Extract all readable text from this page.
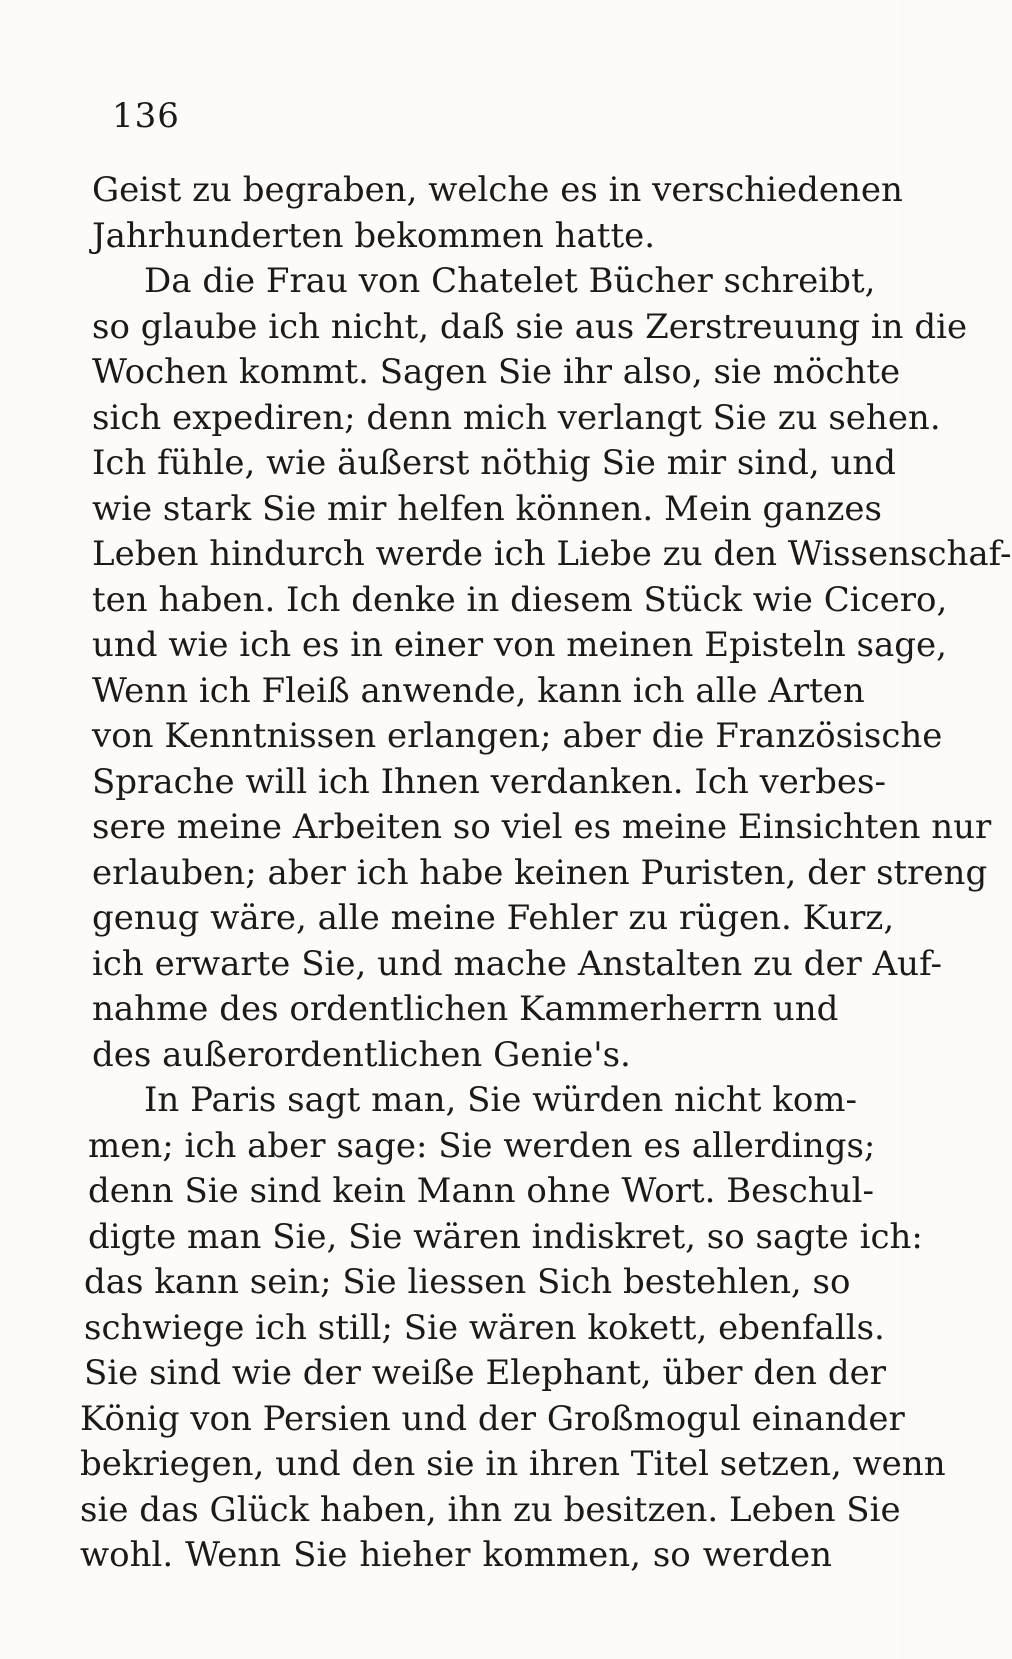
136
Geist zu begraben, welche es in verschiedenen
Jahrhunderten bekommen hatte.
Da die Frau von Chatelet Bücher schreibt,
so glaube ich nicht, daß sie aus Zerstreuung in die
Wochen kommt. Sagen Sie ihr also, sie möchte
sich expediren; denn mich verlangt Sie zu sehen.
Ich fühle, wie äußerst nöthig Sie mir sind, und
wie stark Sie mir helfen können. Mein ganzes
Leben hindurch werde ich Liebe zu den Wissenschaf-
ten haben. Ich denke in diesem Stück wie Cicero,
und wie ich es in einer von meinen Episteln sage,
Wenn ich Fleiß anwende, kann ich alle Arten
von Kenntnissen erlangen; aber die Französische
Sprache will ich Ihnen verdanken. Ich verbes-
sere meine Arbeiten so viel es meine Einsichten nur
erlauben; aber ich habe keinen Puristen, der streng
genug wäre, alle meine Fehler zu rügen. Kurz,
ich erwarte Sie, und mache Anstalten zu der Auf-
nahme des ordentlichen Kammerherrn und
des außerordentlichen Genie's.
In Paris sagt man, Sie würden nicht kom-
men; ich aber sage: Sie werden es allerdings;
denn Sie sind kein Mann ohne Wort. Beschul-
digte man Sie, Sie wären indiskret, so sagte ich:
das kann sein; Sie liessen Sich bestehlen, so
schwiege ich still; Sie wären kokett, ebenfalls.
Sie sind wie der weiße Elephant, über den der
König von Persien und der Großmogul einander
bekriegen, und den sie in ihren Titel setzen, wenn
sie das Glück haben, ihn zu besitzen. Leben Sie
wohl. Wenn Sie hieher kommen, so werden
